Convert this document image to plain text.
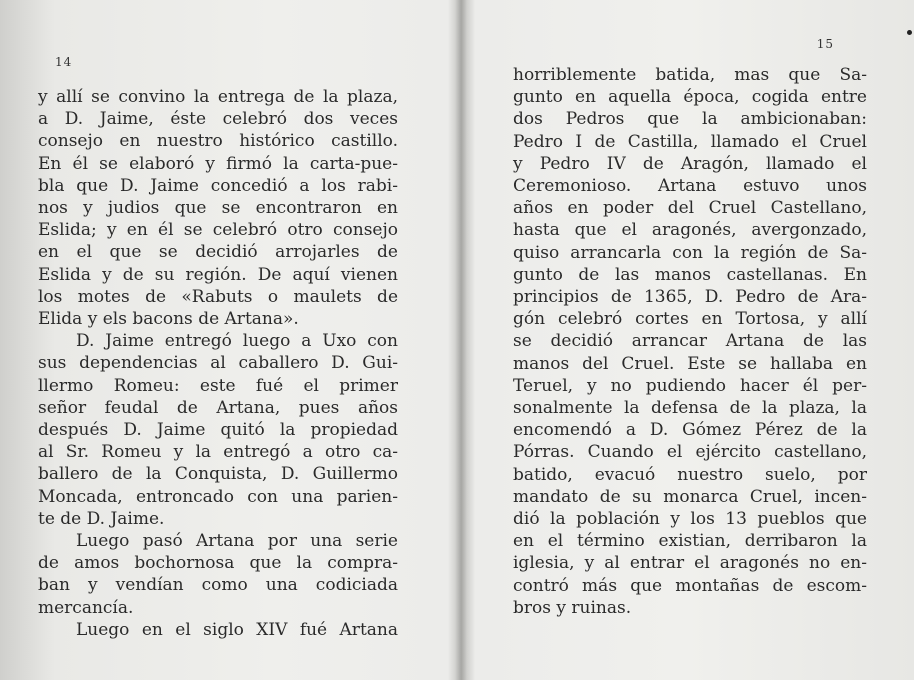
14
y allí se convino la entrega de la plaza,
a D. Jaime, éste celebró dos veces
consejo en nuestro histórico castillo.
En él se elaboró y firmó la carta-pue-
bla que D. Jaime concedió a los rabi-
nos y judios que se encontraron en
Eslida; y en él se celebró otro consejo
en el que se decidió arrojarles de
Eslida y de su región. De aquí vienen
los motes de «Rabuts o maulets de
Elida y els bacons de Artana».
D. Jaime entregó luego a Uxo con
sus dependencias al caballero D. Gui-
llermo Romeu: este fué el primer
señor feudal de Artana, pues años
después D. Jaime quitó la propiedad
al Sr. Romeu y la entregó a otro ca-
ballero de la Conquista, D. Guillermo
Moncada, entroncado con una parien-
te de D. Jaime.
Luego pasó Artana por una serie
de amos bochornosa que la compra-
ban y vendían como una codiciada
mercancía.
Luego en el siglo XIV fué Artana
15
horriblemente batida, mas que Sa-
gunto en aquella época, cogida entre
dos Pedros que la ambicionaban:
Pedro I de Castilla, llamado el Cruel
y Pedro IV de Aragón, llamado el
Ceremonioso. Artana estuvo unos
años en poder del Cruel Castellano,
hasta que el aragonés, avergonzado,
quiso arrancarla con la región de Sa-
gunto de las manos castellanas. En
principios de 1365, D. Pedro de Ara-
gón celebró cortes en Tortosa, y allí
se decidió arrancar Artana de las
manos del Cruel. Este se hallaba en
Teruel, y no pudiendo hacer él per-
sonalmente la defensa de la plaza, la
encomendó a D. Gómez Pérez de la
Pórras. Cuando el ejército castellano,
batido, evacuó nuestro suelo, por
mandato de su monarca Cruel, incen-
dió la población y los 13 pueblos que
en el término existian, derribaron la
iglesia, y al entrar el aragonés no en-
contró más que montañas de escom-
bros y ruinas.
